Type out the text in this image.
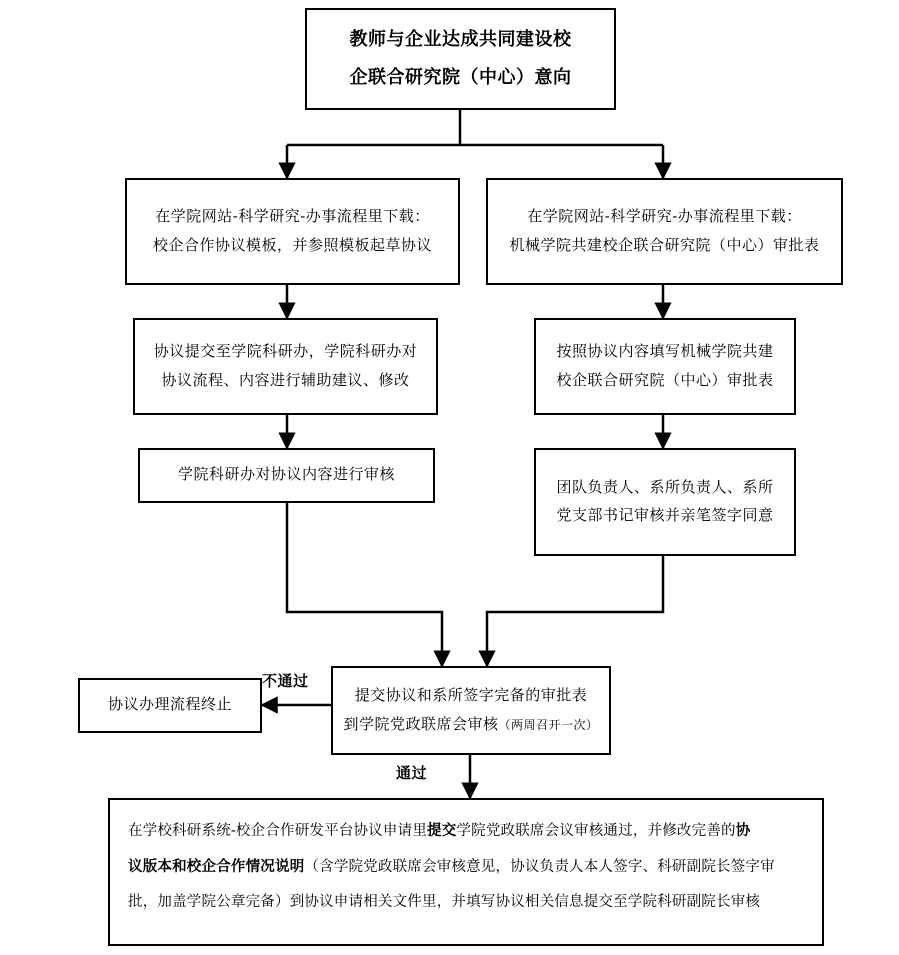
教师与企业达成共同建设校
企联合研究院（中心）意向
在学院网站-科学研究-办事流程里下载：
校企合作协议模板，并参照模板起草协议
在学院网站-科学研究-办事流程里下载：
机械学院共建校企联合研究院（中心）审批表
协议提交至学院科研办，学院科研办对
协议流程、内容进行辅助建议、修改
按照协议内容填写机械学院共建
校企联合研究院（中心）审批表
学院科研办对协议内容进行审核
团队负责人、系所负责人、系所
党支部书记审核并亲笔签字同意
协议办理流程终止
提交协议和系所签字完备的审批表
到学院党政联席会审核（两周召开一次）
不通过
通过
在学校科研系统-校企合作研发平台协议申请里提交学院党政联席会议审核通过，并修改完善的协
议版本和校企合作情况说明（含学院党政联席会审核意见，协议负责人本人签字、科研副院长签字审
批，加盖学院公章完备）到协议申请相关文件里，并填写协议相关信息提交至学院科研副院长审核
